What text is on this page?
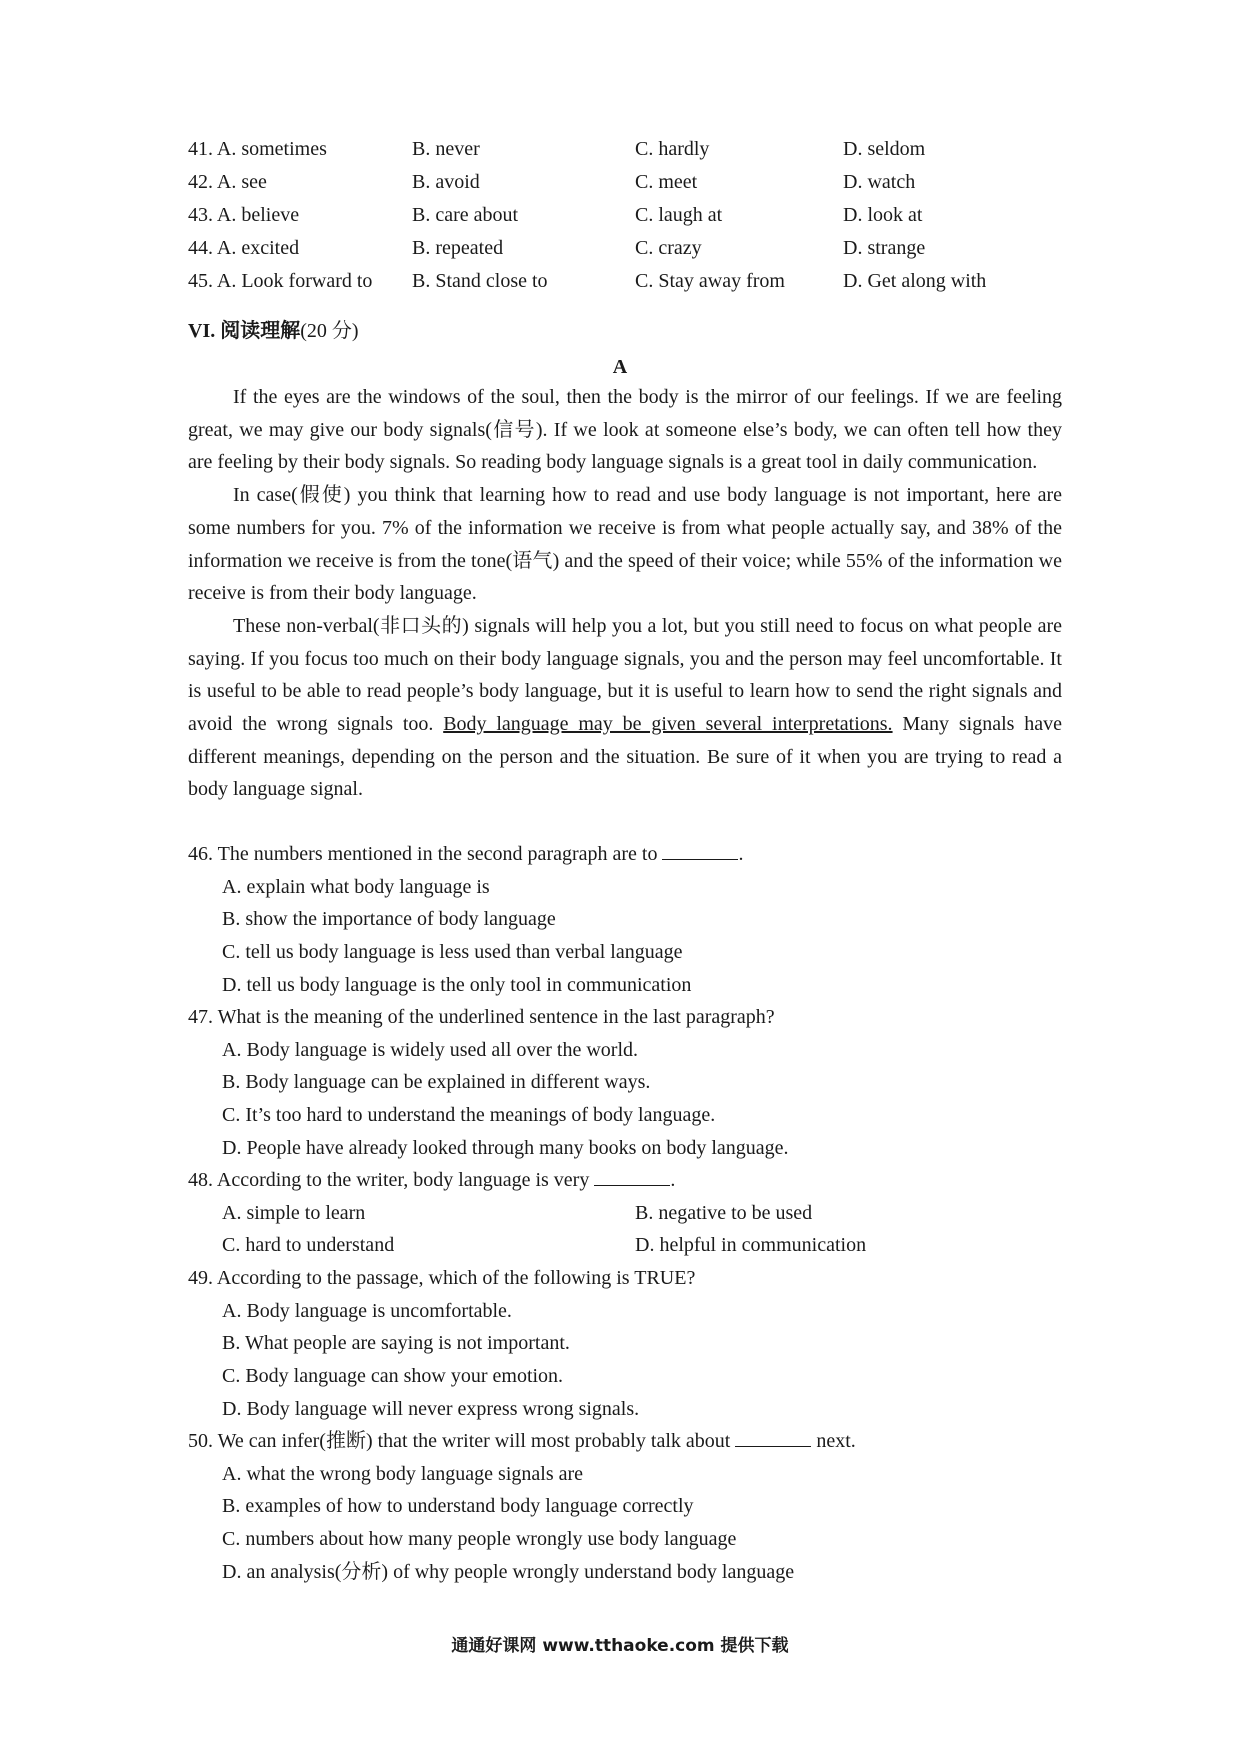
41. A. sometimes	B. never	C. hardly	D. seldom
42. A. see	B. avoid	C. meet	D. watch
43. A. believe	B. care about	C. laugh at	D. look at
44. A. excited	B. repeated	C. crazy	D. strange
45. A. Look forward to B. Stand close to	C. Stay away from	D. Get along with
VI. 阅读理解(20 分)
A

If the eyes are the windows of the soul, then the body is the mirror of our feelings. If we are feeling great, we may give our body signals(信号). If we look at someone else’s body, we can often tell how they are feeling by their body signals. So reading body language signals is a great tool in daily communication.

In case(假使) you think that learning how to read and use body language is not important, here are some numbers for you. 7% of the information we receive is from what people actually say, and 38% of the information we receive is from the tone(语气) and the speed of their voice; while 55% of the information we receive is from their body language.

These non-verbal(非口头的) signals will help you a lot, but you still need to focus on what people are saying. If you focus too much on their body language signals, you and the person may feel uncomfortable. It is useful to be able to read people’s body language, but it is useful to learn how to send the right signals and avoid the wrong signals too. Body language may be given several interpretations. Many signals have different meanings, depending on the person and the situation. Be sure of it when you are trying to read a body language signal.

46. The numbers mentioned in the second paragraph are to	.
A. explain what body language is
B. show the importance of body language
C. tell us body language is less used than verbal language
D. tell us body language is the only tool in communication
47. What is the meaning of the underlined sentence in the last paragraph?
A. Body language is widely used all over the world.
B. Body language can be explained in different ways.
C. It’s too hard to understand the meanings of body language.
D. People have already looked through many books on body language.
48. According to the writer, body language is very	.
A. simple to learn	B. negative to be used
C. hard to understand	D. helpful in communication
49. According to the passage, which of the following is TRUE?
A. Body language is uncomfortable.
B. What people are saying is not important.
C. Body language can show your emotion.
D. Body language will never express wrong signals.
50. We can infer(推断) that the writer will most probably talk about	next.
A. what the wrong body language signals are
B. examples of how to understand body language correctly
C. numbers about how many people wrongly use body language
D. an analysis(分析) of why people wrongly understand body language
通通好课网 www.tthaoke.com 提供下载
